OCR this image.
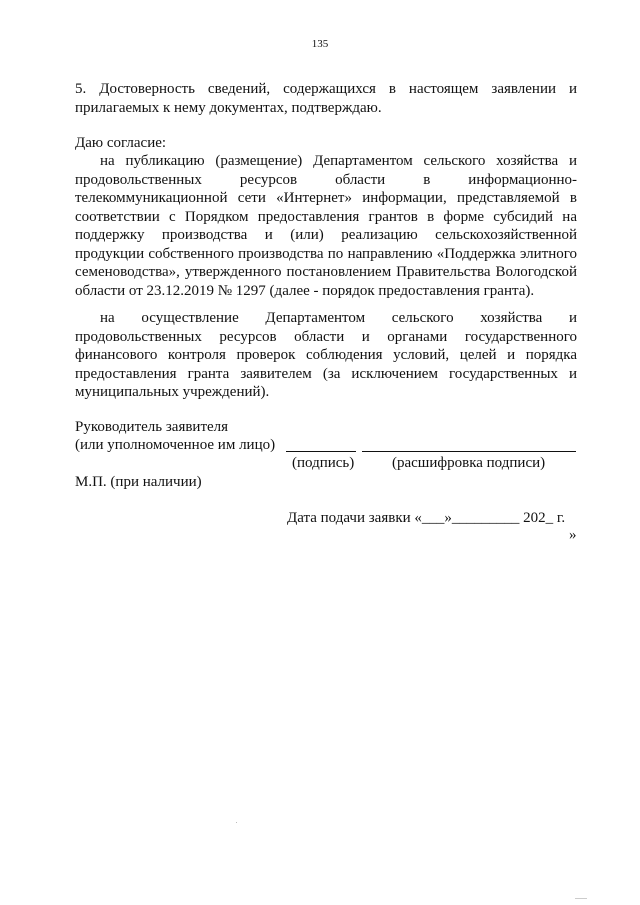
135
5. Достоверность сведений, содержащихся в настоящем заявлении и прилагаемых к нему документах, подтверждаю.
Даю согласие:
на публикацию (размещение) Департаментом сельского хозяйства и продовольственных ресурсов области в информационно-телекоммуникационной сети «Интернет» информации, представляемой в соответствии с Порядком предоставления грантов в форме субсидий на поддержку производства и (или) реализацию сельскохозяйственной продукции собственного производства по направлению «Поддержка элитного семеноводства», утвержденного постановлением Правительства Вологодской области от 23.12.2019 № 1297 (далее - порядок предоставления гранта).
на осуществление Департаментом сельского хозяйства и продовольственных ресурсов области и органами государственного финансового контроля проверок соблюдения условий, целей и порядка предоставления гранта заявителем (за исключением государственных и муниципальных учреждений).
Руководитель заявителя
(или уполномоченное им лицо)
(подпись)	(расшифровка подписи)
М.П. (при наличии)
Дата подачи заявки «___»_________ 202_ г.
»
